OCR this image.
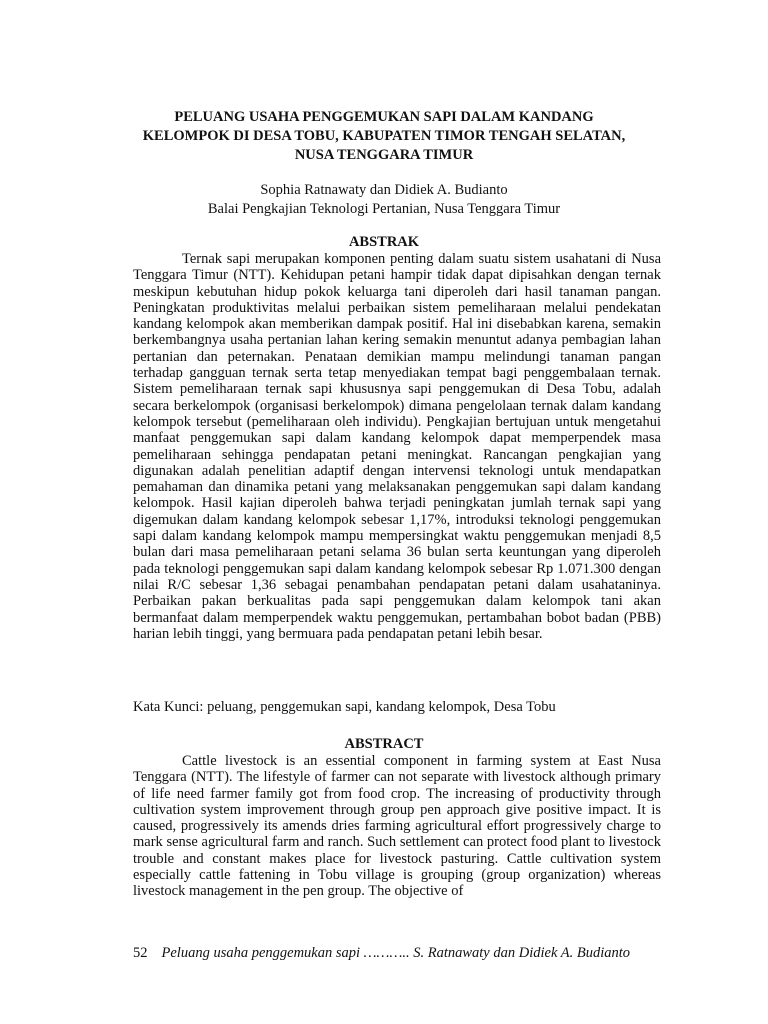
PELUANG USAHA PENGGEMUKAN SAPI DALAM KANDANG
KELOMPOK DI DESA TOBU, KABUPATEN TIMOR TENGAH SELATAN,
NUSA TENGGARA TIMUR
Sophia Ratnawaty dan Didiek A. Budianto
Balai Pengkajian Teknologi Pertanian, Nusa Tenggara Timur
ABSTRAK

Ternak sapi merupakan komponen penting dalam suatu sistem usahatani di Nusa Tenggara Timur (NTT). Kehidupan petani hampir tidak dapat dipisahkan dengan ternak meskipun kebutuhan hidup pokok keluarga tani diperoleh dari hasil tanaman pangan. Peningkatan produktivitas melalui perbaikan sistem pemeliharaan melalui pendekatan kandang kelompok akan memberikan dampak positif. Hal ini disebabkan karena, semakin berkembangnya usaha pertanian lahan kering semakin menuntut adanya pembagian lahan pertanian dan peternakan. Penataan demikian mampu melindungi tanaman pangan terhadap gangguan ternak serta tetap menyediakan tempat bagi penggembalaan ternak. Sistem pemeliharaan ternak sapi khususnya sapi penggemukan di Desa Tobu, adalah secara berkelompok (organisasi berkelompok) dimana pengelolaan ternak dalam kandang kelompok tersebut (pemeliharaan oleh individu). Pengkajian bertujuan untuk mengetahui manfaat penggemukan sapi dalam kandang kelompok dapat memperpendek masa pemeliharaan sehingga pendapatan petani meningkat. Rancangan pengkajian yang digunakan adalah penelitian adaptif dengan intervensi teknologi untuk mendapatkan pemahaman dan dinamika petani yang melaksanakan penggemukan sapi dalam kandang kelompok. Hasil kajian diperoleh bahwa terjadi peningkatan jumlah ternak sapi yang digemukan dalam kandang kelompok sebesar 1,17%, introduksi teknologi penggemukan sapi dalam kandang kelompok mampu mempersingkat waktu penggemukan menjadi 8,5 bulan dari masa pemeliharaan petani selama 36 bulan serta keuntungan yang diperoleh pada teknologi penggemukan sapi dalam kandang kelompok sebesar Rp 1.071.300 dengan nilai R/C sebesar 1,36 sebagai penambahan pendapatan petani dalam usahataninya. Perbaikan pakan berkualitas pada sapi penggemukan dalam kelompok tani akan bermanfaat dalam memperpendek waktu penggemukan, pertambahan bobot badan (PBB) harian lebih tinggi, yang bermuara pada pendapatan petani lebih besar.

Kata Kunci: peluang, penggemukan sapi, kandang kelompok, Desa Tobu

ABSTRACT

Cattle livestock is an essential component in farming system at East Nusa Tenggara (NTT). The lifestyle of farmer can not separate with livestock although primary of life need farmer family got from food crop. The increasing of productivity through cultivation system improvement through group pen approach give positive impact. It is caused, progressively its amends dries farming agricultural effort progressively charge to mark sense agricultural farm and ranch. Such settlement can protect food plant to livestock trouble and constant makes place for livestock pasturing. Cattle cultivation system especially cattle fattening in Tobu village is grouping (group organization) whereas livestock management in the pen group. The objective of

52 Peluang usaha penggemukan sapi ……….. S. Ratnawaty dan Didiek A. Budianto
